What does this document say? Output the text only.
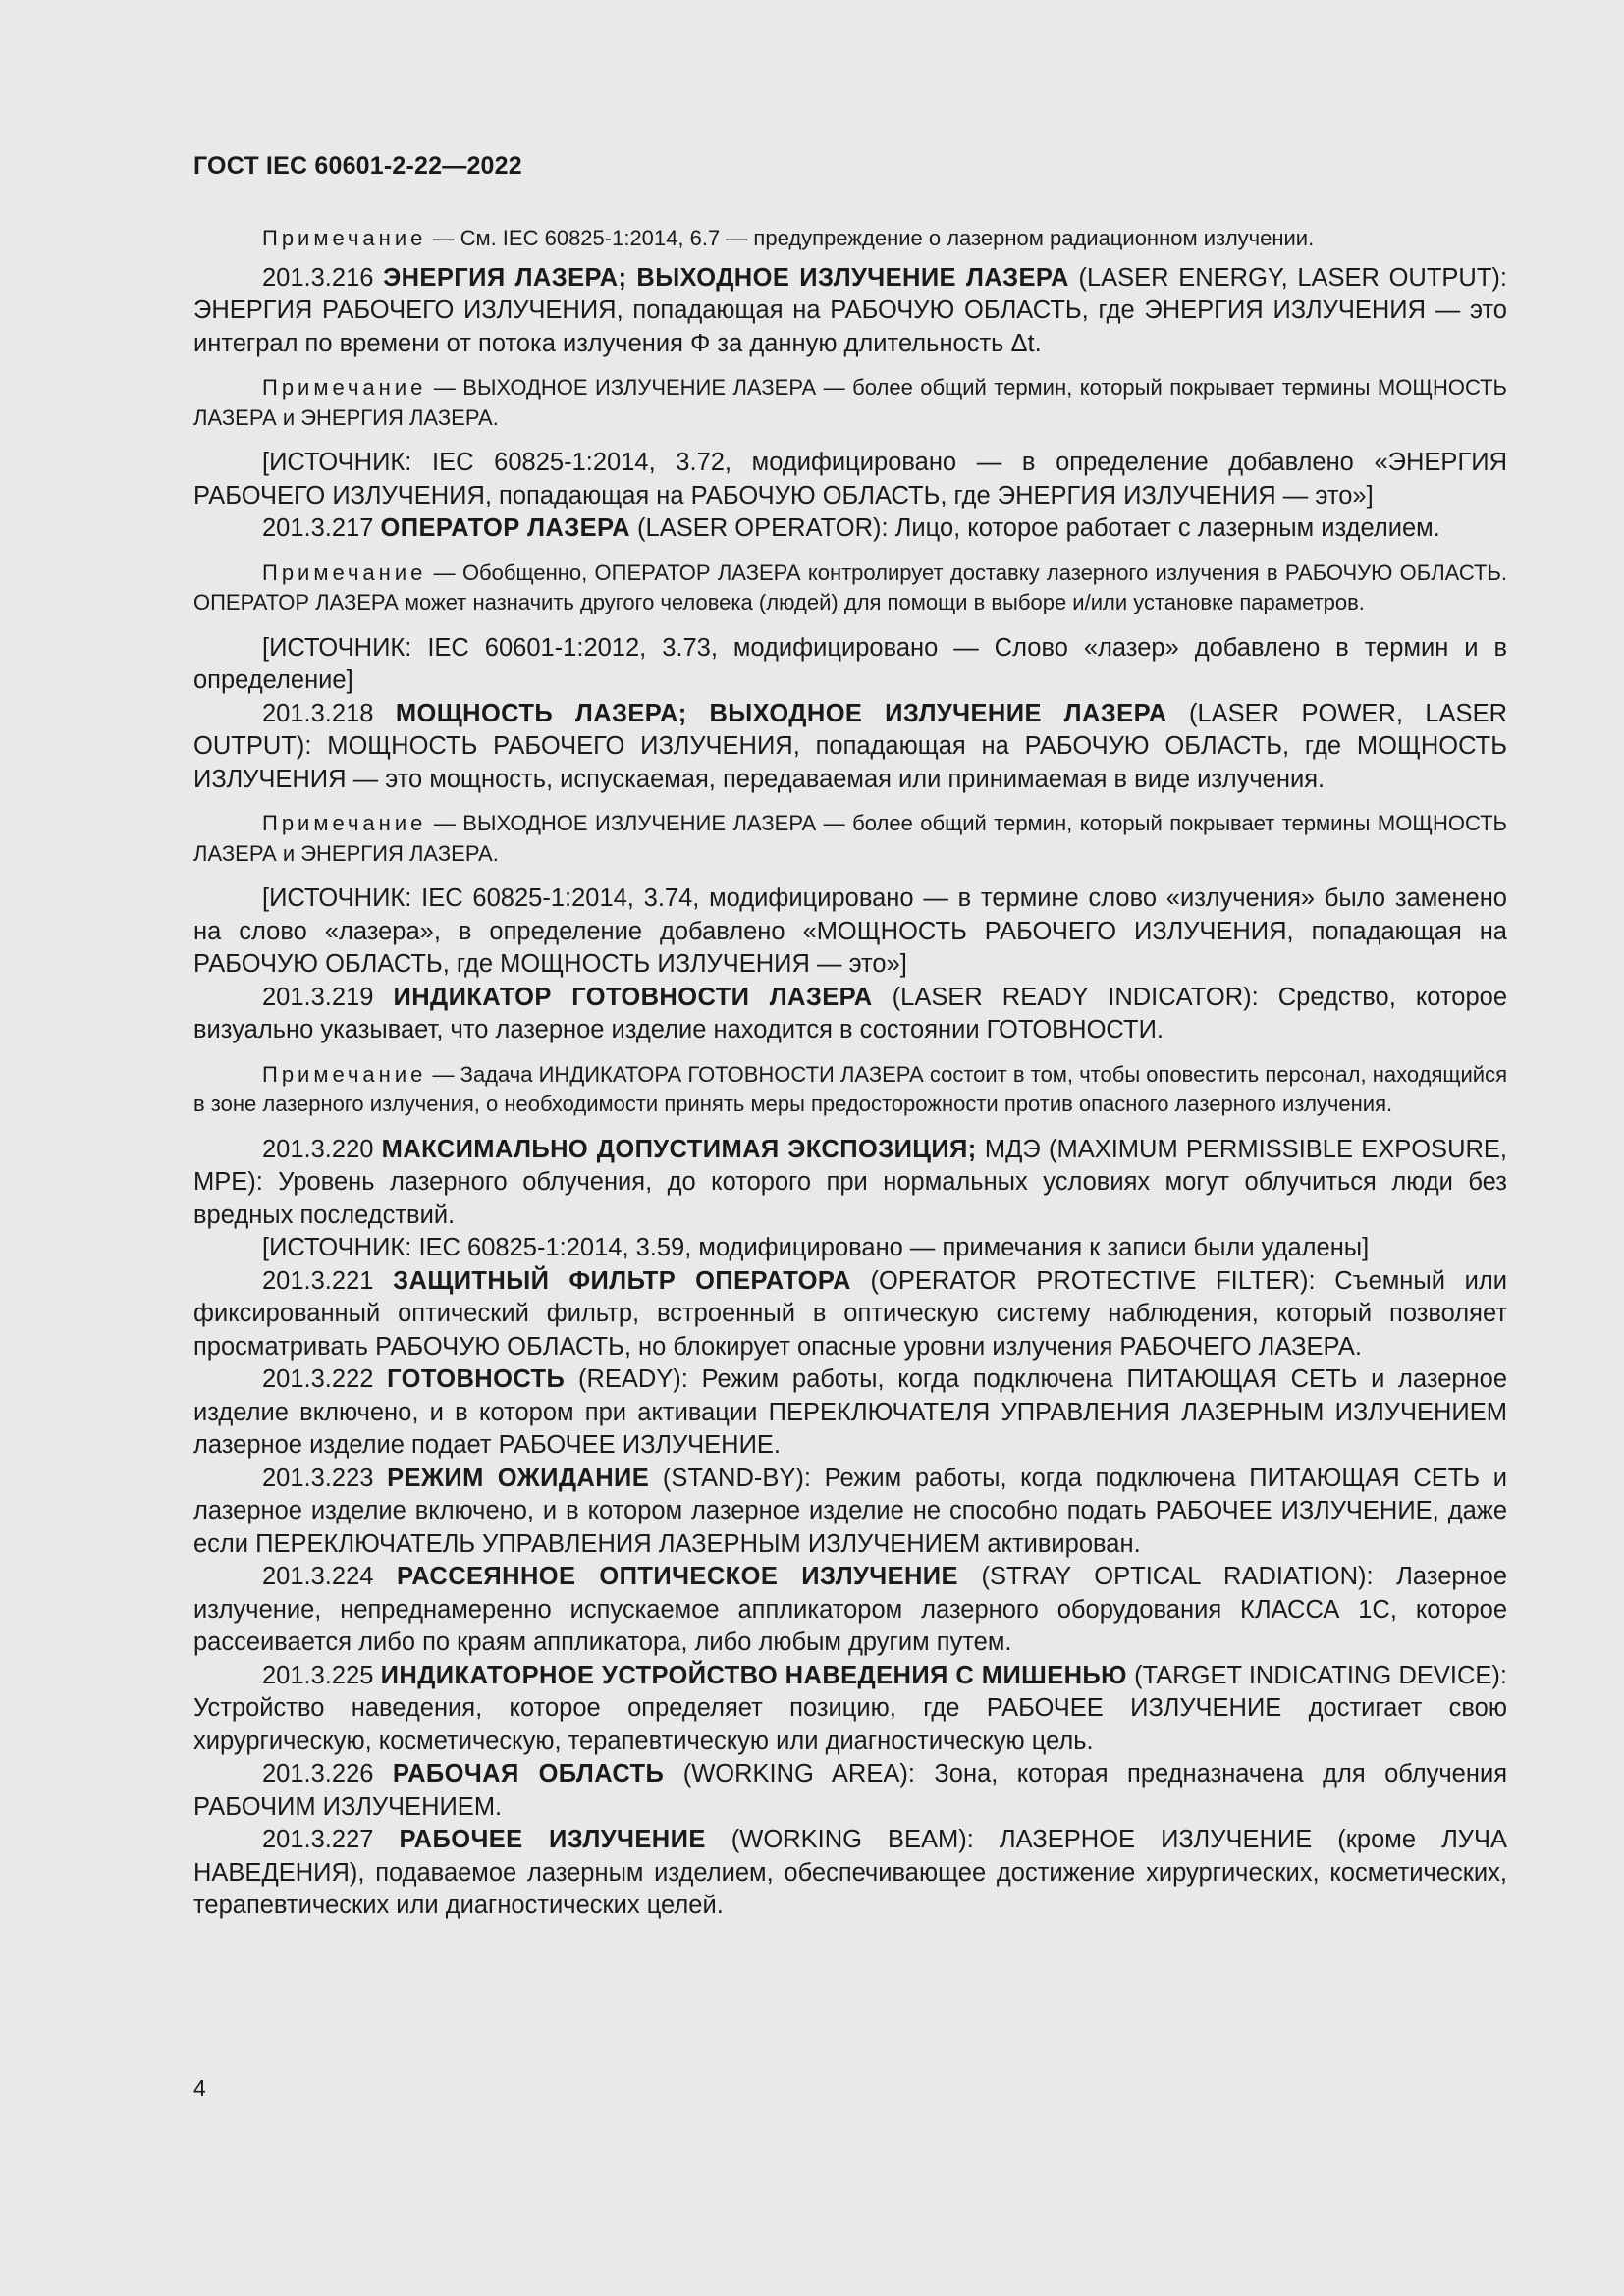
ГОСТ IEC 60601-2-22—2022

Примечание — См. IEC 60825-1:2014, 6.7 — предупреждение о лазерном радиационном излучении.

201.3.216 ЭНЕРГИЯ ЛАЗЕРА; ВЫХОДНОЕ ИЗЛУЧЕНИЕ ЛАЗЕРА (LASER ENERGY, LASER OUTPUT): ЭНЕРГИЯ РАБОЧЕГО ИЗЛУЧЕНИЯ, попадающая на РАБОЧУЮ ОБЛАСТЬ, где ЭНЕРГИЯ ИЗЛУЧЕНИЯ — это интеграл по времени от потока излучения Φ за данную длительность Δt.

Примечание — ВЫХОДНОЕ ИЗЛУЧЕНИЕ ЛАЗЕРА — более общий термин, который покрывает термины МОЩНОСТЬ ЛАЗЕРА и ЭНЕРГИЯ ЛАЗЕРА.

[ИСТОЧНИК: IEC 60825-1:2014, 3.72, модифицировано — в определение добавлено «ЭНЕРГИЯ РАБОЧЕГО ИЗЛУЧЕНИЯ, попадающая на РАБОЧУЮ ОБЛАСТЬ, где ЭНЕРГИЯ ИЗЛУЧЕНИЯ — это»]

201.3.217 ОПЕРАТОР ЛАЗЕРА (LASER OPERATOR): Лицо, которое работает с лазерным изделием.

Примечание — Обобщенно, ОПЕРАТОР ЛАЗЕРА контролирует доставку лазерного излучения в РАБОЧУЮ ОБЛАСТЬ. ОПЕРАТОР ЛАЗЕРА может назначить другого человека (людей) для помощи в выборе и/или установке параметров.

[ИСТОЧНИК: IEC 60601-1:2012, 3.73, модифицировано — Слово «лазер» добавлено в термин и в определение]

201.3.218 МОЩНОСТЬ ЛАЗЕРА; ВЫХОДНОЕ ИЗЛУЧЕНИЕ ЛАЗЕРА (LASER POWER, LASER OUTPUT): МОЩНОСТЬ РАБОЧЕГО ИЗЛУЧЕНИЯ, попадающая на РАБОЧУЮ ОБЛАСТЬ, где МОЩНОСТЬ ИЗЛУЧЕНИЯ — это мощность, испускаемая, передаваемая или принимаемая в виде излучения.

Примечание — ВЫХОДНОЕ ИЗЛУЧЕНИЕ ЛАЗЕРА — более общий термин, который покрывает термины МОЩНОСТЬ ЛАЗЕРА и ЭНЕРГИЯ ЛАЗЕРА.

[ИСТОЧНИК: IEC 60825-1:2014, 3.74, модифицировано — в термине слово «излучения» было заменено на слово «лазера», в определение добавлено «МОЩНОСТЬ РАБОЧЕГО ИЗЛУЧЕНИЯ, попадающая на РАБОЧУЮ ОБЛАСТЬ, где МОЩНОСТЬ ИЗЛУЧЕНИЯ — это»]

201.3.219 ИНДИКАТОР ГОТОВНОСТИ ЛАЗЕРА (LASER READY INDICATOR): Средство, которое визуально указывает, что лазерное изделие находится в состоянии ГОТОВНОСТИ.

Примечание — Задача ИНДИКАТОРА ГОТОВНОСТИ ЛАЗЕРА состоит в том, чтобы оповестить персонал, находящийся в зоне лазерного излучения, о необходимости принять меры предосторожности против опасного лазерного излучения.

201.3.220 МАКСИМАЛЬНО ДОПУСТИМАЯ ЭКСПОЗИЦИЯ; МДЭ (MAXIMUM PERMISSIBLE EXPOSURE, MPE): Уровень лазерного облучения, до которого при нормальных условиях могут облучиться люди без вредных последствий.

[ИСТОЧНИК: IEC 60825-1:2014, 3.59, модифицировано — примечания к записи были удалены]

201.3.221 ЗАЩИТНЫЙ ФИЛЬТР ОПЕРАТОРА (OPERATOR PROTECTIVE FILTER): Съемный или фиксированный оптический фильтр, встроенный в оптическую систему наблюдения, который позволяет просматривать РАБОЧУЮ ОБЛАСТЬ, но блокирует опасные уровни излучения РАБОЧЕГО ЛАЗЕРА.

201.3.222 ГОТОВНОСТЬ (READY): Режим работы, когда подключена ПИТАЮЩАЯ СЕТЬ и лазерное изделие включено, и в котором при активации ПЕРЕКЛЮЧАТЕЛЯ УПРАВЛЕНИЯ ЛАЗЕРНЫМ ИЗЛУЧЕНИЕМ лазерное изделие подает РАБОЧЕЕ ИЗЛУЧЕНИЕ.

201.3.223 РЕЖИМ ОЖИДАНИЕ (STAND-BY): Режим работы, когда подключена ПИТАЮЩАЯ СЕТЬ и лазерное изделие включено, и в котором лазерное изделие не способно подать РАБОЧЕЕ ИЗЛУЧЕНИЕ, даже если ПЕРЕКЛЮЧАТЕЛЬ УПРАВЛЕНИЯ ЛАЗЕРНЫМ ИЗЛУЧЕНИЕМ активирован.

201.3.224 РАССЕЯННОЕ ОПТИЧЕСКОЕ ИЗЛУЧЕНИЕ (STRAY OPTICAL RADIATION): Лазерное излучение, непреднамеренно испускаемое аппликатором лазерного оборудования КЛАССА 1С, которое рассеивается либо по краям аппликатора, либо любым другим путем.

201.3.225 ИНДИКАТОРНОЕ УСТРОЙСТВО НАВЕДЕНИЯ С МИШЕНЬЮ (TARGET INDICATING DEVICE): Устройство наведения, которое определяет позицию, где РАБОЧЕЕ ИЗЛУЧЕНИЕ достигает свою хирургическую, косметическую, терапевтическую или диагностическую цель.

201.3.226 РАБОЧАЯ ОБЛАСТЬ (WORKING AREA): Зона, которая предназначена для облучения РАБОЧИМ ИЗЛУЧЕНИЕМ.

201.3.227 РАБОЧЕЕ ИЗЛУЧЕНИЕ (WORKING BEAM): ЛАЗЕРНОЕ ИЗЛУЧЕНИЕ (кроме ЛУЧА НАВЕДЕНИЯ), подаваемое лазерным изделием, обеспечивающее достижение хирургических, косметических, терапевтических или диагностических целей.

4
